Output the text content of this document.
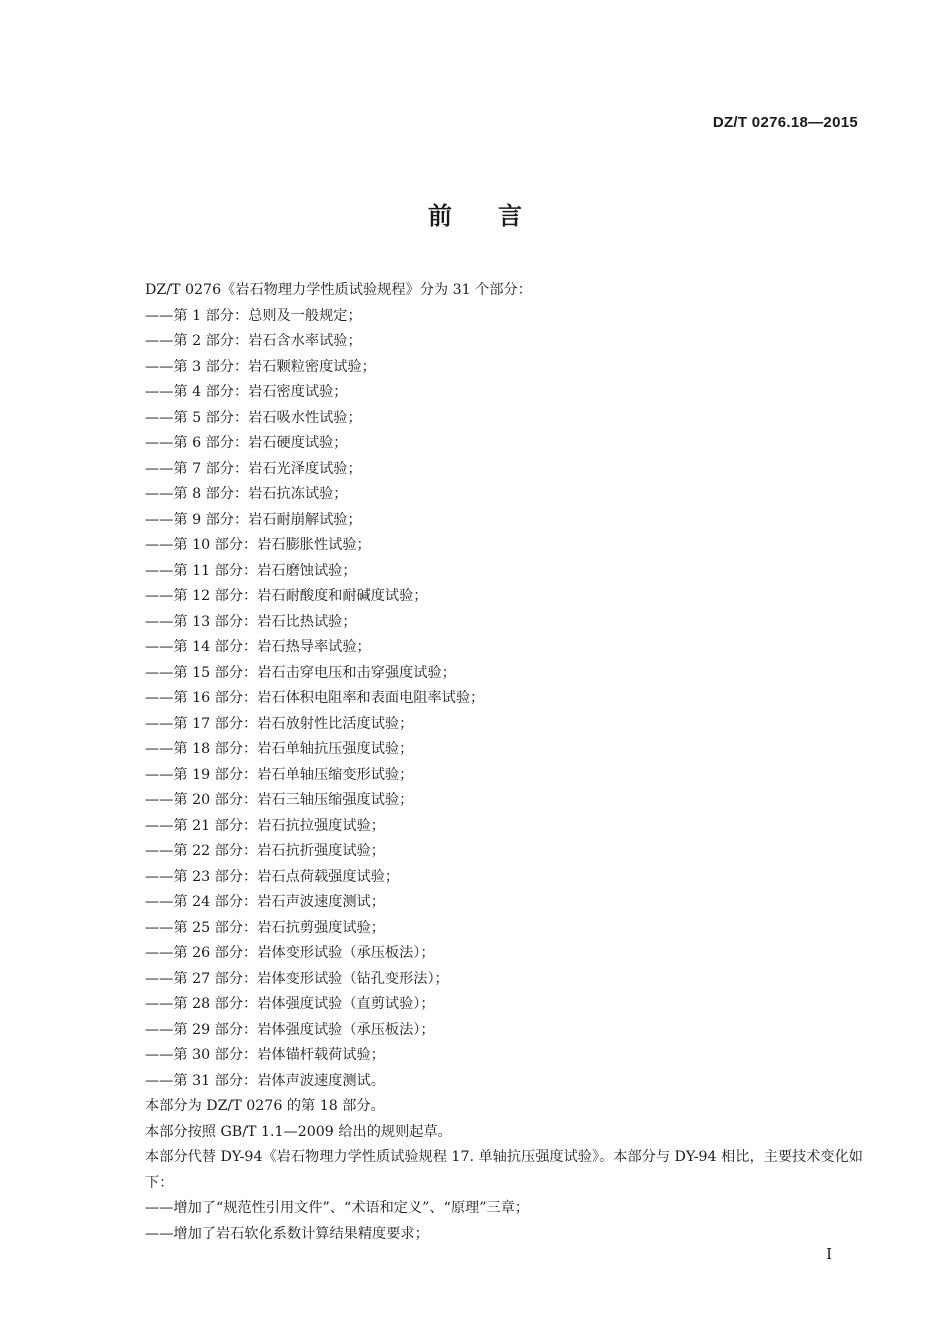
DZ/T 0276.18—2015
前言

DZ/T 0276《岩石物理力学性质试验规程》分为 31 个部分：

——第 1 部分：总则及一般规定；

——第 2 部分：岩石含水率试验；

——第 3 部分：岩石颗粒密度试验；

——第 4 部分：岩石密度试验；

——第 5 部分：岩石吸水性试验；

——第 6 部分：岩石硬度试验；

——第 7 部分：岩石光泽度试验；

——第 8 部分：岩石抗冻试验；

——第 9 部分：岩石耐崩解试验；

——第 10 部分：岩石膨胀性试验；

——第 11 部分：岩石磨蚀试验；

——第 12 部分：岩石耐酸度和耐碱度试验；

——第 13 部分：岩石比热试验；

——第 14 部分：岩石热导率试验；

——第 15 部分：岩石击穿电压和击穿强度试验；

——第 16 部分：岩石体积电阻率和表面电阻率试验；

——第 17 部分：岩石放射性比活度试验；

——第 18 部分：岩石单轴抗压强度试验；

——第 19 部分：岩石单轴压缩变形试验；

——第 20 部分：岩石三轴压缩强度试验；

——第 21 部分：岩石抗拉强度试验；

——第 22 部分：岩石抗折强度试验；

——第 23 部分：岩石点荷载强度试验；

——第 24 部分：岩石声波速度测试；

——第 25 部分：岩石抗剪强度试验；

——第 26 部分：岩体变形试验（承压板法）；

——第 27 部分：岩体变形试验（钻孔变形法）；

——第 28 部分：岩体强度试验（直剪试验）；

——第 29 部分：岩体强度试验（承压板法）；

——第 30 部分：岩体锚杆载荷试验；

——第 31 部分：岩体声波速度测试。

本部分为 DZ/T 0276 的第 18 部分。

本部分按照 GB/T 1.1—2009 给出的规则起草。

本部分代替 DY-94《岩石物理力学性质试验规程 17. 单轴抗压强度试验》。本部分与 DY-94 相比，主要技术变化如下：

——增加了“规范性引用文件”、“术语和定义”、“原理”三章；

——增加了岩石软化系数计算结果精度要求；

I
